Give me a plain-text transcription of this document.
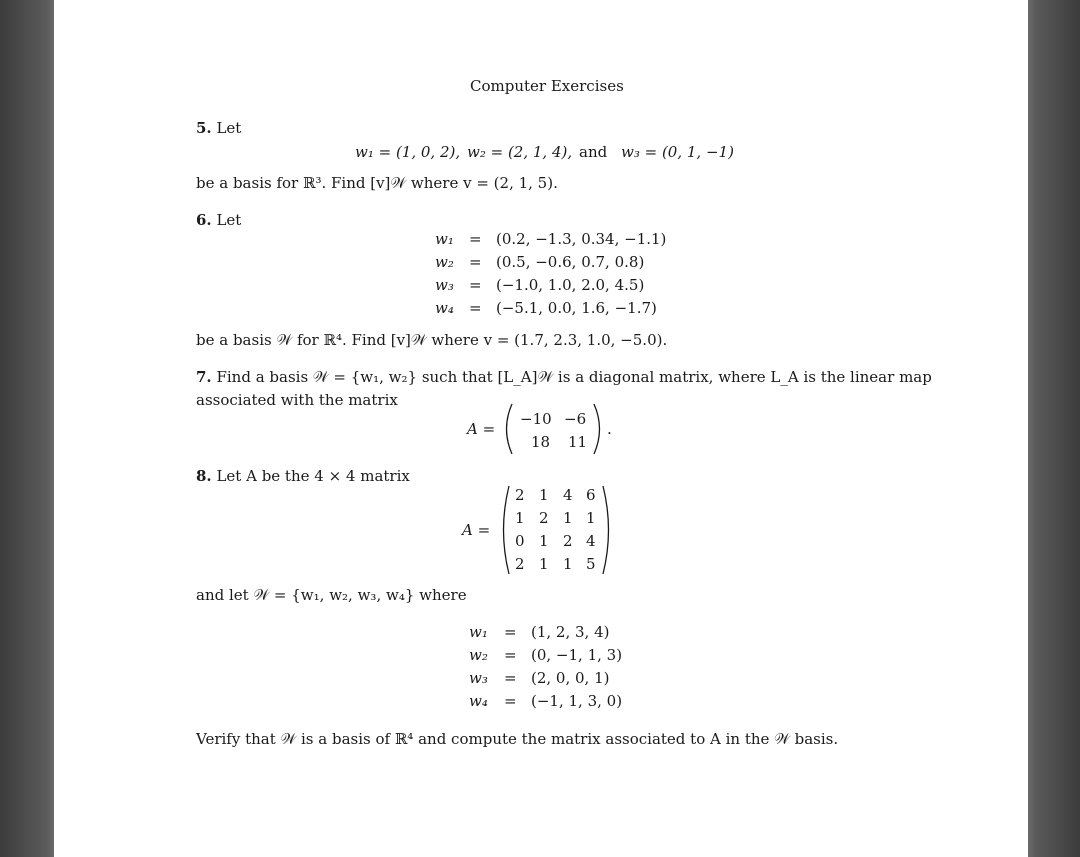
Computer Exercises
5. Let
w₁ = (1, 0, 2), w₂ = (2, 1, 4), and w₃ = (0, 1, −1)
be a basis for ℝ³. Find [v]𝒲 where v = (2, 1, 5).
6. Let
w₁ = (0.2, −1.3, 0.34, −1.1)
w₂ = (0.5, −0.6, 0.7, 0.8)
w₃ = (−1.0, 1.0, 2.0, 4.5)
w₄ = (−5.1, 0.0, 1.6, −1.7)
be a basis 𝒲 for ℝ⁴. Find [v]𝒲 where v = (1.7, 2.3, 1.0, −5.0).
7. Find a basis 𝒲 = {w₁, w₂} such that [L_A]𝒲 is a diagonal matrix, where L_A is the linear map
associated with the matrix
A =
−10 −6
18 11
.
8. Let A be the 4 × 4 matrix
A =
2 1 4 6
1 2 1 1
0 1 2 4
2 1 1 5
and let 𝒲 = {w₁, w₂, w₃, w₄} where
w₁ = (1, 2, 3, 4)
w₂ = (0, −1, 1, 3)
w₃ = (2, 0, 0, 1)
w₄ = (−1, 1, 3, 0)
Verify that 𝒲 is a basis of ℝ⁴ and compute the matrix associated to A in the 𝒲 basis.
